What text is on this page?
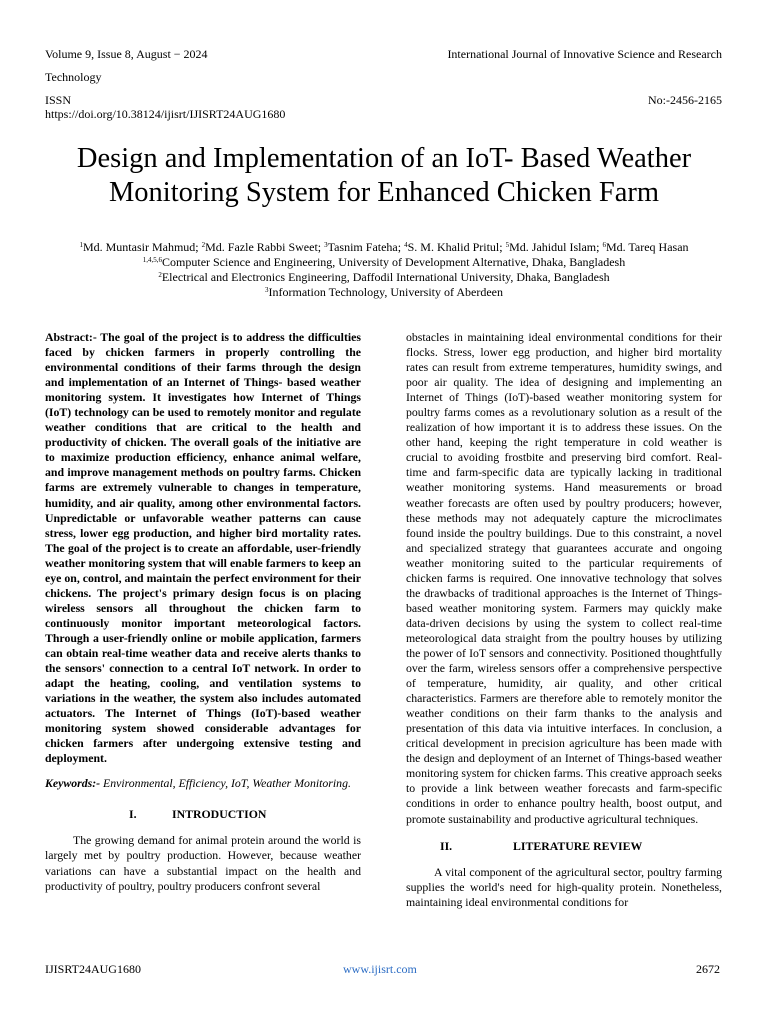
Volume 9, Issue 8, August − 2024	International Journal of Innovative Science and Research
Technology
ISSN	No:-2456-2165
https://doi.org/10.38124/ijisrt/IJISRT24AUG1680
Design and Implementation of an IoT- Based Weather
Monitoring System for Enhanced Chicken Farm
$^1$Md. Muntasir Mahmud; $^2$Md. Fazle Rabbi Sweet; $^3$Tasnim Fateha; $^4$S. M. Khalid Pritul; $^5$Md. Jahidul Islam; $^6$Md. Tareq Hasan
$^{1,4,5,6}$Computer Science and Engineering, University of Development Alternative, Dhaka, Bangladesh
$^2$Electrical and Electronics Engineering, Daffodil International University, Dhaka, Bangladesh
$^3$Information Technology, University of Aberdeen
Abstract:- The goal of the project is to address the difficulties faced by chicken farmers in properly controlling the environmental conditions of their farms through the design and implementation of an Internet of Things- based weather monitoring system. It investigates how Internet of Things (IoT) technology can be used to remotely monitor and regulate weather conditions that are critical to the health and productivity of chicken. The overall goals of the initiative are to maximize production efficiency, enhance animal welfare, and improve management methods on poultry farms. Chicken farms are extremely vulnerable to changes in temperature, humidity, and air quality, among other environmental factors. Unpredictable or unfavorable weather patterns can cause stress, lower egg production, and higher bird mortality rates. The goal of the project is to create an affordable, user-friendly weather monitoring system that will enable farmers to keep an eye on, control, and maintain the perfect environment for their chickens. The project's primary design focus is on placing wireless sensors all throughout the chicken farm to continuously monitor important meteorological factors. Through a user-friendly online or mobile application, farmers can obtain real-time weather data and receive alerts thanks to the sensors' connection to a central IoT network. In order to adapt the heating, cooling, and ventilation systems to variations in the weather, the system also includes automated actuators. The Internet of Things (IoT)-based weather monitoring system showed considerable advantages for chicken farmers after undergoing extensive testing and deployment.
Keywords:- Environmental, Efficiency, IoT, Weather Monitoring.
I.	INTRODUCTION
The growing demand for animal protein around the world is largely met by poultry production. However, because weather variations can have a substantial impact on the health and productivity of poultry, poultry producers confront several
obstacles in maintaining ideal environmental conditions for their flocks. Stress, lower egg production, and higher bird mortality rates can result from extreme temperatures, humidity swings, and poor air quality. The idea of designing and implementing an Internet of Things (IoT)-based weather monitoring system for poultry farms comes as a revolutionary solution as a result of the realization of how important it is to address these issues. On the other hand, keeping the right temperature in cold weather is crucial to avoiding frostbite and preserving bird comfort. Real-time and farm-specific data are typically lacking in traditional weather monitoring systems. Hand measurements or broad weather forecasts are often used by poultry producers; however, these methods may not adequately capture the microclimates found inside the poultry buildings. Due to this constraint, a novel and specialized strategy that guarantees accurate and ongoing weather monitoring suited to the particular requirements of chicken farms is required. One innovative technology that solves the drawbacks of traditional approaches is the Internet of Things-based weather monitoring system. Farmers may quickly make data-driven decisions by using the system to collect real-time meteorological data straight from the poultry houses by utilizing the power of IoT sensors and connectivity. Positioned thoughtfully over the farm, wireless sensors offer a comprehensive perspective of temperature, humidity, air quality, and other critical characteristics. Farmers are therefore able to remotely monitor the weather conditions on their farm thanks to the analysis and presentation of this data via intuitive interfaces. In conclusion, a critical development in precision agriculture has been made with the design and deployment of an Internet of Things-based weather monitoring system for chicken farms. This creative approach seeks to provide a link between weather forecasts and farm-specific conditions in order to enhance poultry health, boost output, and promote sustainability and productive agricultural techniques.
II.	LITERATURE REVIEW
A vital component of the agricultural sector, poultry farming supplies the world's need for high-quality protein. Nonetheless, maintaining ideal environmental conditions for
IJISRT24AUG1680	www.ijisrt.com	2672
